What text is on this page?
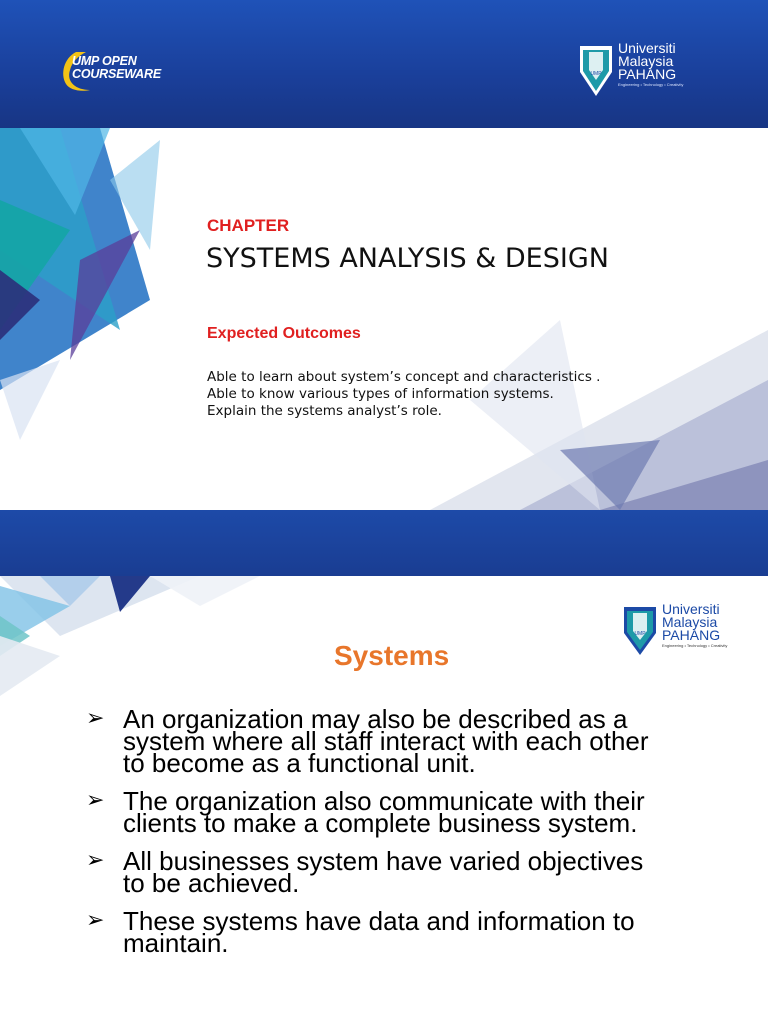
UMP OPEN
COURSEWARE	UMP
Universiti
Malaysia
PAHANG
Engineering • Technology • Creativity
CHAPTER
SYSTEMS ANALYSIS & DESIGN
Expected Outcomes
Able to learn about system’s concept and characteristics .
Able to know various types of information systems.
Explain the systems analyst’s role.
UMP
Universiti
Malaysia
PAHANG
Engineering • Technology • Creativity
Systems
➢ An organization may also be described as a
system where all staff interact with each other
to become as a functional unit.
➢ The organization also communicate with their
clients to make a complete business system.
➢ All businesses system have varied objectives
to be achieved.
➢ These systems have data and information to
maintain.
